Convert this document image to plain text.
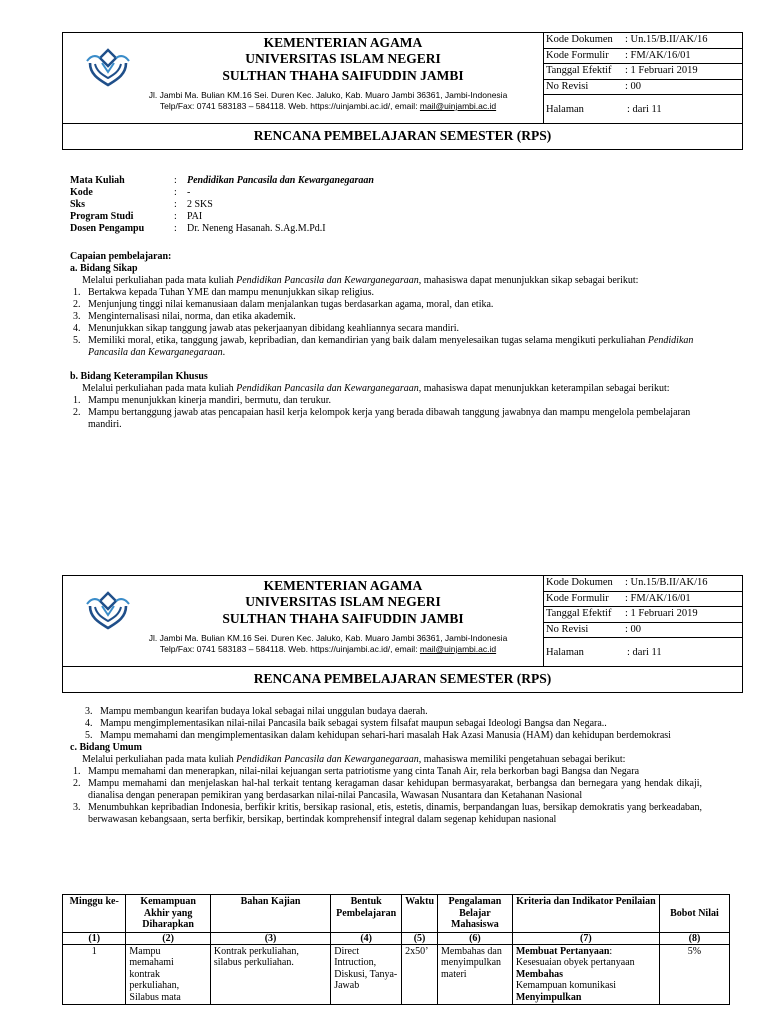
KEMENTERIAN AGAMA
UNIVERSITAS ISLAM NEGERI
SULTHAN THAHA SAIFUDDIN JAMBI
Jl. Jambi Ma. Bulian KM.16 Sei. Duren Kec. Jaluko, Kab. Muaro Jambi 36361, Jambi-Indonesia
Telp/Fax: 0741 583183 – 584118. Web. https://uinjambi.ac.id/, email: mail@uinjambi.ac.id
Kode Dokumen : Un.15/B.II/AK/16
Kode Formulir : FM/AK/16/01
Tanggal Efektif : 1 Februari 2019
No Revisi	: 00
Halaman	: dari 11
RENCANA PEMBELAJARAN SEMESTER (RPS)
Mata Kuliah	: Pendidikan Pancasila dan Kewarganegaraan
Kode	: -
Sks	: 2 SKS
Program Studi	: PAI
Dosen Pengampu	: Dr. Neneng Hasanah. S.Ag.M.Pd.I
Capaian pembelajaran:
a. Bidang Sikap
Melalui perkuliahan pada mata kuliah Pendidikan Pancasila dan Kewarganegaraan, mahasiswa dapat menunjukkan sikap sebagai berikut:
1. Bertakwa kepada Tuhan YME dan mampu menunjukkan sikap religius.
2. Menjunjung tinggi nilai kemanusiaan dalam menjalankan tugas berdasarkan agama, moral, dan etika.
3. Menginternalisasi nilai, norma, dan etika akademik.
4. Menunjukkan sikap tanggung jawab atas pekerjaanyan dibidang keahliannya secara mandiri.
5. Memiliki moral, etika, tanggung jawab, kepribadian, dan kemandirian yang baik dalam menyelesaikan tugas selama mengikuti perkuliahan Pendidikan Pancasila dan Kewarganegaraan.
b. Bidang Keterampilan Khusus
Melalui perkuliahan pada mata kuliah Pendidikan Pancasila dan Kewarganegaraan, mahasiswa dapat menunjukkan keterampilan sebagai berikut:
1. Mampu menunjukkan kinerja mandiri, bermutu, dan terukur.
2. Mampu bertanggung jawab atas pencapaian hasil kerja kelompok kerja yang berada dibawah tanggung jawabnya dan mampu mengelola pembelajaran mandiri.
KEMENTERIAN AGAMA
UNIVERSITAS ISLAM NEGERI
SULTHAN THAHA SAIFUDDIN JAMBI
Jl. Jambi Ma. Bulian KM.16 Sei. Duren Kec. Jaluko, Kab. Muaro Jambi 36361, Jambi-Indonesia
Telp/Fax: 0741 583183 – 584118. Web. https://uinjambi.ac.id/, email: mail@uinjambi.ac.id
Kode Dokumen : Un.15/B.II/AK/16
Kode Formulir : FM/AK/16/01
Tanggal Efektif : 1 Februari 2019
No Revisi	: 00
Halaman	: dari 11
RENCANA PEMBELAJARAN SEMESTER (RPS)
3. Mampu membangun kearifan budaya lokal sebagai nilai unggulan budaya daerah.
4. Mampu mengimplementasikan nilai-nilai Pancasila baik sebagai system filsafat maupun sebagai Ideologi Bangsa dan Negara..
5. Mampu memahami dan mengimplementasikan dalam kehidupan sehari-hari masalah Hak Azasi Manusia (HAM) dan kehidupan berdemokrasi
c. Bidang Umum
Melalui perkuliahan pada mata kuliah Pendidikan Pancasila dan Kewarganegaraan, mahasiswa memiliki pengetahuan sebagai berikut:
1. Mampu memahami dan menerapkan, nilai-nilai kejuangan serta patriotisme yang cinta Tanah Air, rela berkorban bagi Bangsa dan Negara
2. Mampu memahami dan menjelaskan hal-hal terkait tentang keragaman dasar kehidupan bermasyarakat, berbangsa dan bernegara yang hendak dikaji, dianalisa dengan penerapan pemikiran yang berdasarkan nilai-nilai Pancasila, Wawasan Nusantara dan Ketahanan Nasional
3. Menumbuhkan kepribadian Indonesia, berfikir kritis, bersikap rasional, etis, estetis, dinamis, berpandangan luas, bersikap demokratis yang berkeadaban, berwawasan kebangsaan, serta berfikir, bersikap, bertindak komprehensif integral dalam segenap kehidupan nasional
Minggu ke-	Kemampuan Akhir yang Diharapkan	Bahan Kajian	Bentuk Pembelajaran	Waktu	Pengalaman Belajar Mahasiswa	Kriteria dan Indikator Penilaian	Bobot Nilai
(1)	(2)	(3)	(4)	(5)	(6)	(7)	(8)
1	Mampu memahami kontrak perkuliahan, Silabus mata	Kontrak perkuliahan, silabus perkuliahan.	Direct Intruction, Diskusi, Tanya-Jawab	2x50’	Membahas dan menyimpulkan materi	Membuat Pertanyaan:
Kesesuaian obyek pertanyaan
Membahas
Kemampuan komunikasi
Menyimpulkan	5%
